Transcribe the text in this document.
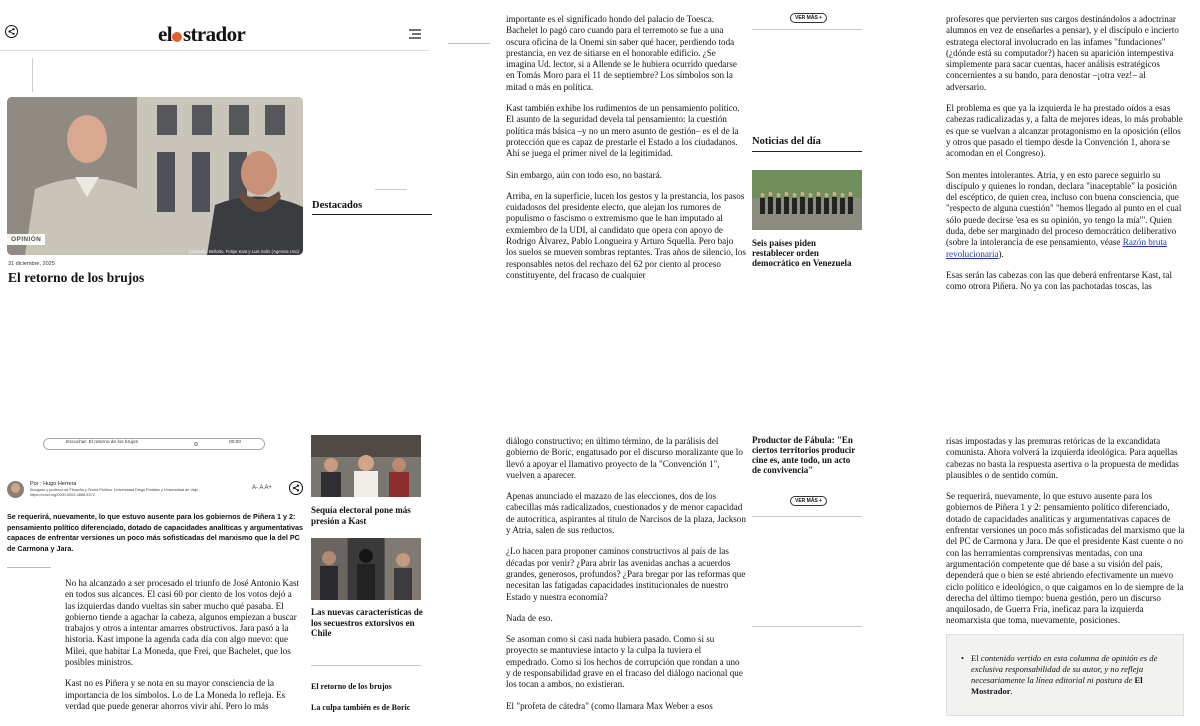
el strador
OPINIÓN
Sebastián Bellotto, Felipe Kast y Luis Solís (Agencia Uno)
31 diciembre, 2025
El retorno de los brujos
Destacados

importante es el significado hondo del palacio de Toesca. Bachelet lo pagó caro cuando para el terremoto se fue a una oscura oficina de la Onemi sin saber qué hacer, perdiendo toda prestancia, en vez de sitiarse en el honorable edificio. ¿Se imagina Ud. lector, si a Allende se le hubiera ocurrido quedarse en Tomás Moro para el 11 de septiembre? Los símbolos son la mitad o más en política.

Kast también exhibe los rudimentos de un pensamiento político. El asunto de la seguridad devela tal pensamiento: la cuestión política más básica –y no un mero asunto de gestión– es el de la protección que es capaz de prestarle el Estado a los ciudadanos. Ahí se juega el primer nivel de la legitimidad.

Sin embargo, aún con todo eso, no bastará.

Arriba, en la superficie, lucen los gestos y la prestancia, los pasos cuidadosos del presidente electo, que alejan los rumores de populismo o fascismo o extremismo que le han imputado al exmiembro de la UDI, al candidato que opera con apoyo de Rodrigo Álvarez, Pablo Longueira y Arturo Squella. Pero bajo los suelos se mueven sombras reptantes. Tras años de silencio, los responsables netos del rechazo del 62 por ciento al proceso constituyente, del fracaso de cualquier

VER MÁS +
Noticias del día
Seis países piden restablecer orden democrático en Venezuela

profesores que pervierten sus cargos destinándolos a adoctrinar alumnos en vez de enseñarles a pensar), y el discípulo e incierto estratega electoral involucrado en las infames "fundaciones" (¿dónde está su computador?) hacen su aparición intempestiva simplemente para sacar cuentas, hacer análisis estratégicos concernientes a su bando, para denostar –¡otra vez!– al adversario.

El problema es que ya la izquierda le ha prestado oídos a esas cabezas radicalizadas y, a falta de mejores ideas, lo más probable es que se vuelvan a alcanzar protagonismo en la oposición (ellos y otros que pasado el tiempo desde la Convención 1, ahora se acomodan en el Congreso).

Son mentes intolerantes. Atria, y en esto parece seguirlo su discípulo y quienes lo rondan, declara "inaceptable" la posición del escéptico, de quien crea, incluso con buena consciencia, que "respecto de alguna cuestión" "hemos llegado al punto en el cual sólo puede decirse 'esa es su opinión, yo tengo la mía'". Quien duda, debe ser marginado del proceso democrático deliberativo (sobre la intolerancia de ese pensamiento, véase Razón bruta revolucionaria).

Esas serán las cabezas con las que deberá enfrentarse Kast, tal como otrora Piñera. No ya con las pachotadas toscas, las

Escuchar: El retorno de los brujos	00:00
Por : Hugo Herrera
Abogado y profesor de Filosofía y Teoría Política. Universidad Diego Portales y Universidad de Valp...
https://orcid.org/0000-0003-4868-4572
A- A A+
Se requerirá, nuevamente, lo que estuvo ausente para los gobiernos de Piñera 1 y 2: pensamiento político diferenciado, dotado de capacidades analíticas y argumentativas capaces de enfrentar versiones un poco más sofisticadas del marxismo que la del PC de Carmona y Jara.

No ha alcanzado a ser procesado el triunfo de José Antonio Kast en todos sus alcances. El casi 60 por ciento de los votos dejó a las izquierdas dando vueltas sin saber mucho qué pasaba. El gobierno tiende a agachar la cabeza, algunos empiezan a buscar trabajos y otros a intentar amarres obstructivos. Jara pasó a la historia. Kast impone la agenda cada día con algo nuevo: que Milei, que habitar La Moneda, que Frei, que Bachelet, que los posibles ministros.

Kast no es Piñera y se nota en su mayor consciencia de la importancia de los símbolos. Lo de La Moneda lo refleja. Es verdad que puede generar ahorros vivir ahí. Pero lo más

Sequía electoral pone más presión a Kast
Las nuevas características de los secuestros extorsivos en Chile
El retorno de los brujos
La culpa también es de Boric

diálogo constructivo; en último término, de la parálisis del gobierno de Boric, engatusado por el discurso moralizante que lo llevó a apoyar el llamativo proyecto de la "Convención 1", vuelven a aparecer.

Apenas anunciado el mazazo de las elecciones, dos de los cabecillas más radicalizados, cuestionados y de menor capacidad de autocrítica, aspirantes al título de Narcisos de la plaza, Jackson y Atria, salen de sus reductos.

¿Lo hacen para proponer caminos constructivos al país de las décadas por venir? ¿Para abrir las avenidas anchas a acuerdos grandes, generosos, profundos? ¿Para bregar por las reformas que necesitan las fatigadas capacidades institucionales de nuestro Estado y nuestra economía?

Nada de eso.

Se asoman como si casi nada hubiera pasado. Como si su proyecto se mantuviese intacto y la culpa la tuviera el empedrado. Como si los hechos de corrupción que rondan a uno y de responsabilidad grave en el fracaso del diálogo nacional que los tocan a ambos, no existieran.

El "profeta de cátedra" (como llamara Max Weber a esos

Productor de Fábula: "En ciertos territorios producir cine es, ante todo, un acto de convivencia"
VER MÁS +

risas impostadas y las premuras retóricas de la excandidata comunista. Ahora volverá la izquierda ideológica. Para aquellas cabezas no basta la respuesta asertiva o la propuesta de medidas plausibles o de sentido común.

Se requerirá, nuevamente, lo que estuvo ausente para los gobiernos de Piñera 1 y 2: pensamiento político diferenciado, dotado de capacidades analíticas y argumentativas capaces de enfrentar versiones un poco más sofisticadas del marxismo que la del PC de Carmona y Jara. De que el presidente Kast cuente o no con las herramientas comprensivas mentadas, con una argumentación competente que dé base a su visión del país, dependerá que o bien se esté abriendo efectivamente un nuevo ciclo político e ideológico, o que caigamos en lo de siempre de la derecha del último tiempo: buena gestión, pero un discurso anquilosado, de Guerra Fría, ineficaz para la izquierda neomarxista que toma, nuevamente, posiciones.

• El contenido vertido en esta columna de opinión es de exclusiva responsabilidad de su autor, y no refleja necesariamente la línea editorial ni postura de El Mostrador.
